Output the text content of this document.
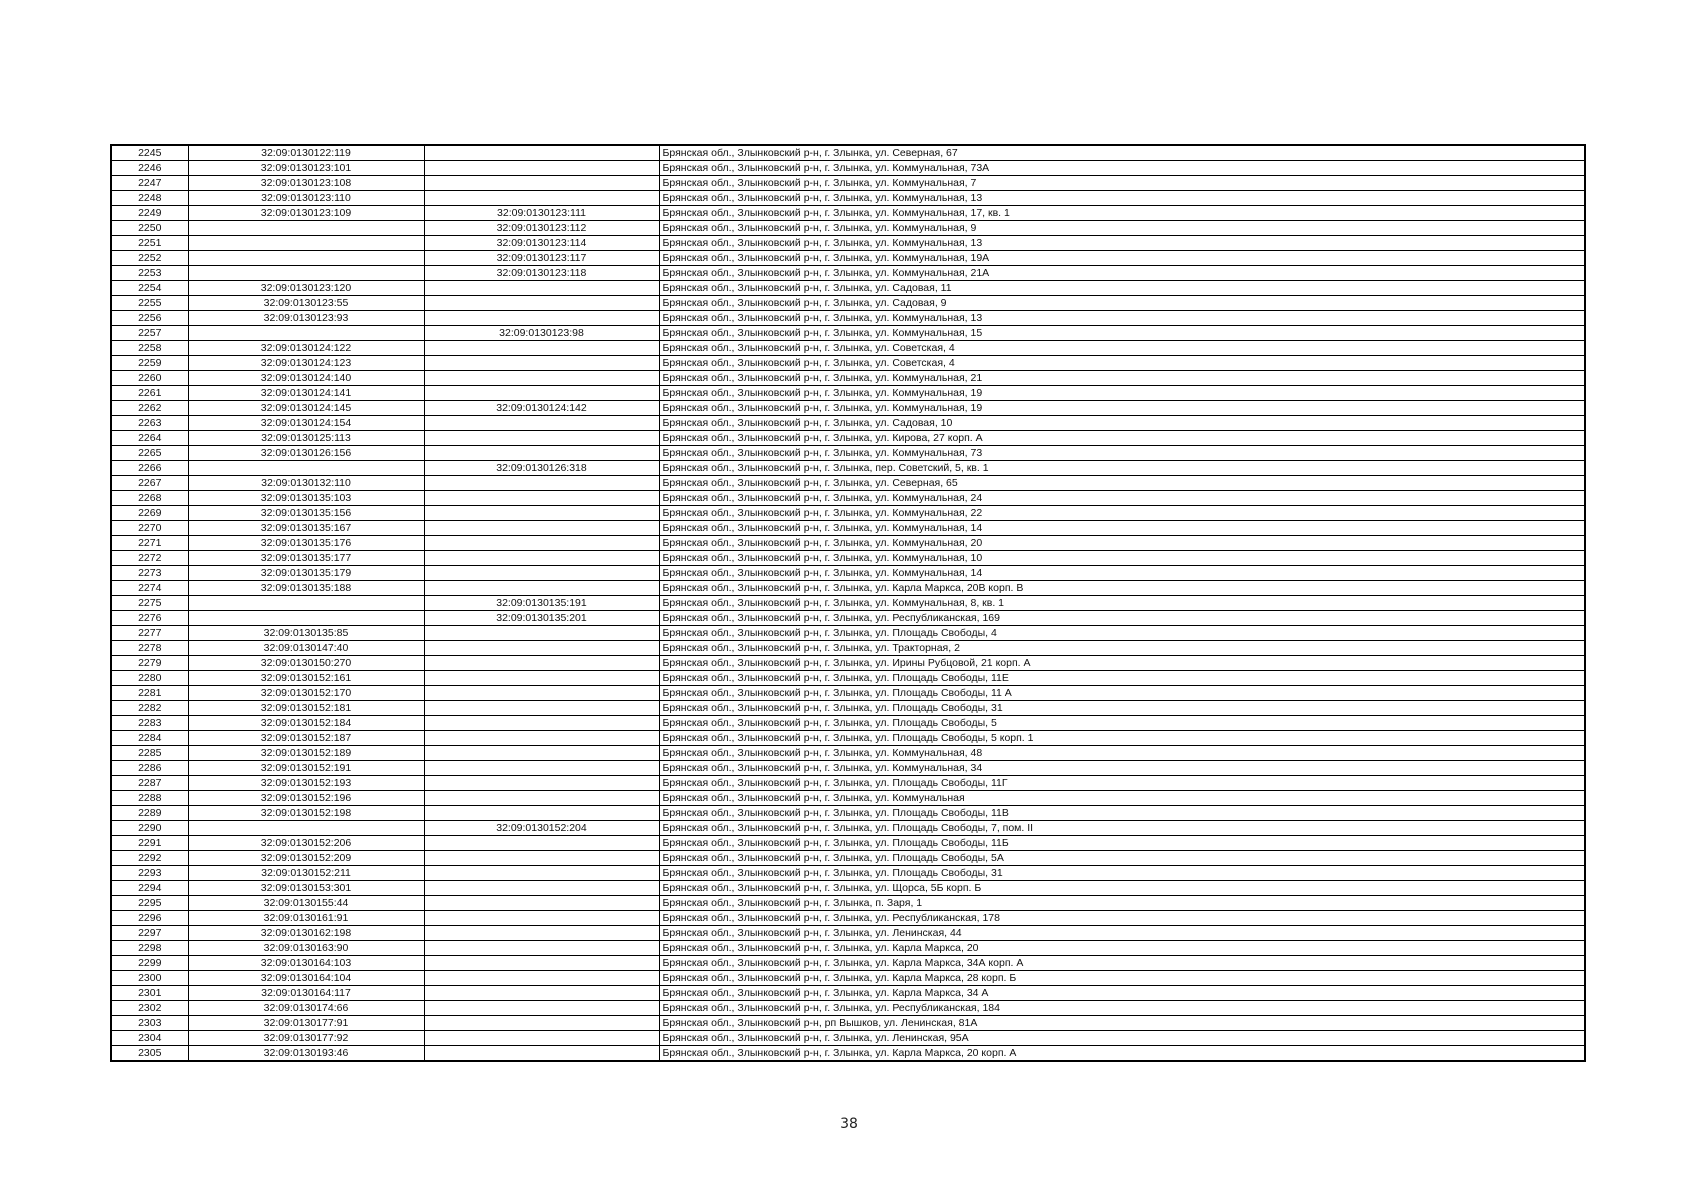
2245	32:09:0130122:119		Брянская обл., Злынковский р-н, г. Злынка, ул. Северная, 67
2246	32:09:0130123:101		Брянская обл., Злынковский р-н, г. Злынка, ул. Коммунальная, 73А
2247	32:09:0130123:108		Брянская обл., Злынковский р-н, г. Злынка, ул. Коммунальная, 7
2248	32:09:0130123:110		Брянская обл., Злынковский р-н, г. Злынка, ул. Коммунальная, 13
2249	32:09:0130123:109	32:09:0130123:111	Брянская обл., Злынковский р-н, г. Злынка, ул. Коммунальная, 17, кв. 1
2250		32:09:0130123:112	Брянская обл., Злынковский р-н, г. Злынка, ул. Коммунальная, 9
2251		32:09:0130123:114	Брянская обл., Злынковский р-н, г. Злынка, ул. Коммунальная, 13
2252		32:09:0130123:117	Брянская обл., Злынковский р-н, г. Злынка, ул. Коммунальная, 19А
2253		32:09:0130123:118	Брянская обл., Злынковский р-н, г. Злынка, ул. Коммунальная, 21А
2254	32:09:0130123:120		Брянская обл., Злынковский р-н, г. Злынка, ул. Садовая, 11
2255	32:09:0130123:55		Брянская обл., Злынковский р-н, г. Злынка, ул. Садовая, 9
2256	32:09:0130123:93		Брянская обл., Злынковский р-н, г. Злынка, ул. Коммунальная, 13
2257		32:09:0130123:98	Брянская обл., Злынковский р-н, г. Злынка, ул. Коммунальная, 15
2258	32:09:0130124:122		Брянская обл., Злынковский р-н, г. Злынка, ул. Советская, 4
2259	32:09:0130124:123		Брянская обл., Злынковский р-н, г. Злынка, ул. Советская, 4
2260	32:09:0130124:140		Брянская обл., Злынковский р-н, г. Злынка, ул. Коммунальная, 21
2261	32:09:0130124:141		Брянская обл., Злынковский р-н, г. Злынка, ул. Коммунальная, 19
2262	32:09:0130124:145	32:09:0130124:142	Брянская обл., Злынковский р-н, г. Злынка, ул. Коммунальная, 19
2263	32:09:0130124:154		Брянская обл., Злынковский р-н, г. Злынка, ул. Садовая, 10
2264	32:09:0130125:113		Брянская обл., Злынковский р-н, г. Злынка, ул. Кирова, 27 корп. А
2265	32:09:0130126:156		Брянская обл., Злынковский р-н, г. Злынка, ул. Коммунальная, 73
2266		32:09:0130126:318	Брянская обл., Злынковский р-н, г. Злынка, пер. Советский, 5, кв. 1
2267	32:09:0130132:110		Брянская обл., Злынковский р-н, г. Злынка, ул. Северная, 65
2268	32:09:0130135:103		Брянская обл., Злынковский р-н, г. Злынка, ул. Коммунальная, 24
2269	32:09:0130135:156		Брянская обл., Злынковский р-н, г. Злынка, ул. Коммунальная, 22
2270	32:09:0130135:167		Брянская обл., Злынковский р-н, г. Злынка, ул. Коммунальная, 14
2271	32:09:0130135:176		Брянская обл., Злынковский р-н, г. Злынка, ул. Коммунальная, 20
2272	32:09:0130135:177		Брянская обл., Злынковский р-н, г. Злынка, ул. Коммунальная, 10
2273	32:09:0130135:179		Брянская обл., Злынковский р-н, г. Злынка, ул. Коммунальная, 14
2274	32:09:0130135:188		Брянская обл., Злынковский р-н, г. Злынка, ул. Карла Маркса, 20В корп. В
2275		32:09:0130135:191	Брянская обл., Злынковский р-н, г. Злынка, ул. Коммунальная, 8, кв. 1
2276		32:09:0130135:201	Брянская обл., Злынковский р-н, г. Злынка, ул. Республиканская, 169
2277	32:09:0130135:85		Брянская обл., Злынковский р-н, г. Злынка, ул. Площадь Свободы, 4
2278	32:09:0130147:40		Брянская обл., Злынковский р-н, г. Злынка, ул. Тракторная, 2
2279	32:09:0130150:270		Брянская обл., Злынковский р-н, г. Злынка, ул. Ирины Рубцовой, 21 корп. А
2280	32:09:0130152:161		Брянская обл., Злынковский р-н, г. Злынка, ул. Площадь Свободы, 11Е
2281	32:09:0130152:170		Брянская обл., Злынковский р-н, г. Злынка, ул. Площадь Свободы, 11 А
2282	32:09:0130152:181		Брянская обл., Злынковский р-н, г. Злынка, ул. Площадь Свободы, 31
2283	32:09:0130152:184		Брянская обл., Злынковский р-н, г. Злынка, ул. Площадь Свободы, 5
2284	32:09:0130152:187		Брянская обл., Злынковский р-н, г. Злынка, ул. Площадь Свободы, 5 корп. 1
2285	32:09:0130152:189		Брянская обл., Злынковский р-н, г. Злынка, ул. Коммунальная, 48
2286	32:09:0130152:191		Брянская обл., Злынковский р-н, г. Злынка, ул. Коммунальная, 34
2287	32:09:0130152:193		Брянская обл., Злынковский р-н, г. Злынка, ул. Площадь Свободы, 11Г
2288	32:09:0130152:196		Брянская обл., Злынковский р-н, г. Злынка, ул. Коммунальная
2289	32:09:0130152:198		Брянская обл., Злынковский р-н, г. Злынка, ул. Площадь Свободы, 11В
2290		32:09:0130152:204	Брянская обл., Злынковский р-н, г. Злынка, ул. Площадь Свободы, 7, пом. II
2291	32:09:0130152:206		Брянская обл., Злынковский р-н, г. Злынка, ул. Площадь Свободы, 11Б
2292	32:09:0130152:209		Брянская обл., Злынковский р-н, г. Злынка, ул. Площадь Свободы, 5А
2293	32:09:0130152:211		Брянская обл., Злынковский р-н, г. Злынка, ул. Площадь Свободы, 31
2294	32:09:0130153:301		Брянская обл., Злынковский р-н, г. Злынка, ул. Щорса, 5Б корп. Б
2295	32:09:0130155:44		Брянская обл., Злынковский р-н, г. Злынка, п. Заря, 1
2296	32:09:0130161:91		Брянская обл., Злынковский р-н, г. Злынка, ул. Республиканская, 178
2297	32:09:0130162:198		Брянская обл., Злынковский р-н, г. Злынка, ул. Ленинская, 44
2298	32:09:0130163:90		Брянская обл., Злынковский р-н, г. Злынка, ул. Карла Маркса, 20
2299	32:09:0130164:103		Брянская обл., Злынковский р-н, г. Злынка, ул. Карла Маркса, 34А корп. А
2300	32:09:0130164:104		Брянская обл., Злынковский р-н, г. Злынка, ул. Карла Маркса, 28 корп. Б
2301	32:09:0130164:117		Брянская обл., Злынковский р-н, г. Злынка, ул. Карла Маркса, 34 А
2302	32:09:0130174:66		Брянская обл., Злынковский р-н, г. Злынка, ул. Республиканская, 184
2303	32:09:0130177:91		Брянская обл., Злынковский р-н, рп Вышков, ул. Ленинская, 81А
2304	32:09:0130177:92		Брянская обл., Злынковский р-н, г. Злынка, ул. Ленинская, 95А
2305	32:09:0130193:46		Брянская обл., Злынковский р-н, г. Злынка, ул. Карла Маркса, 20 корп. А
38
